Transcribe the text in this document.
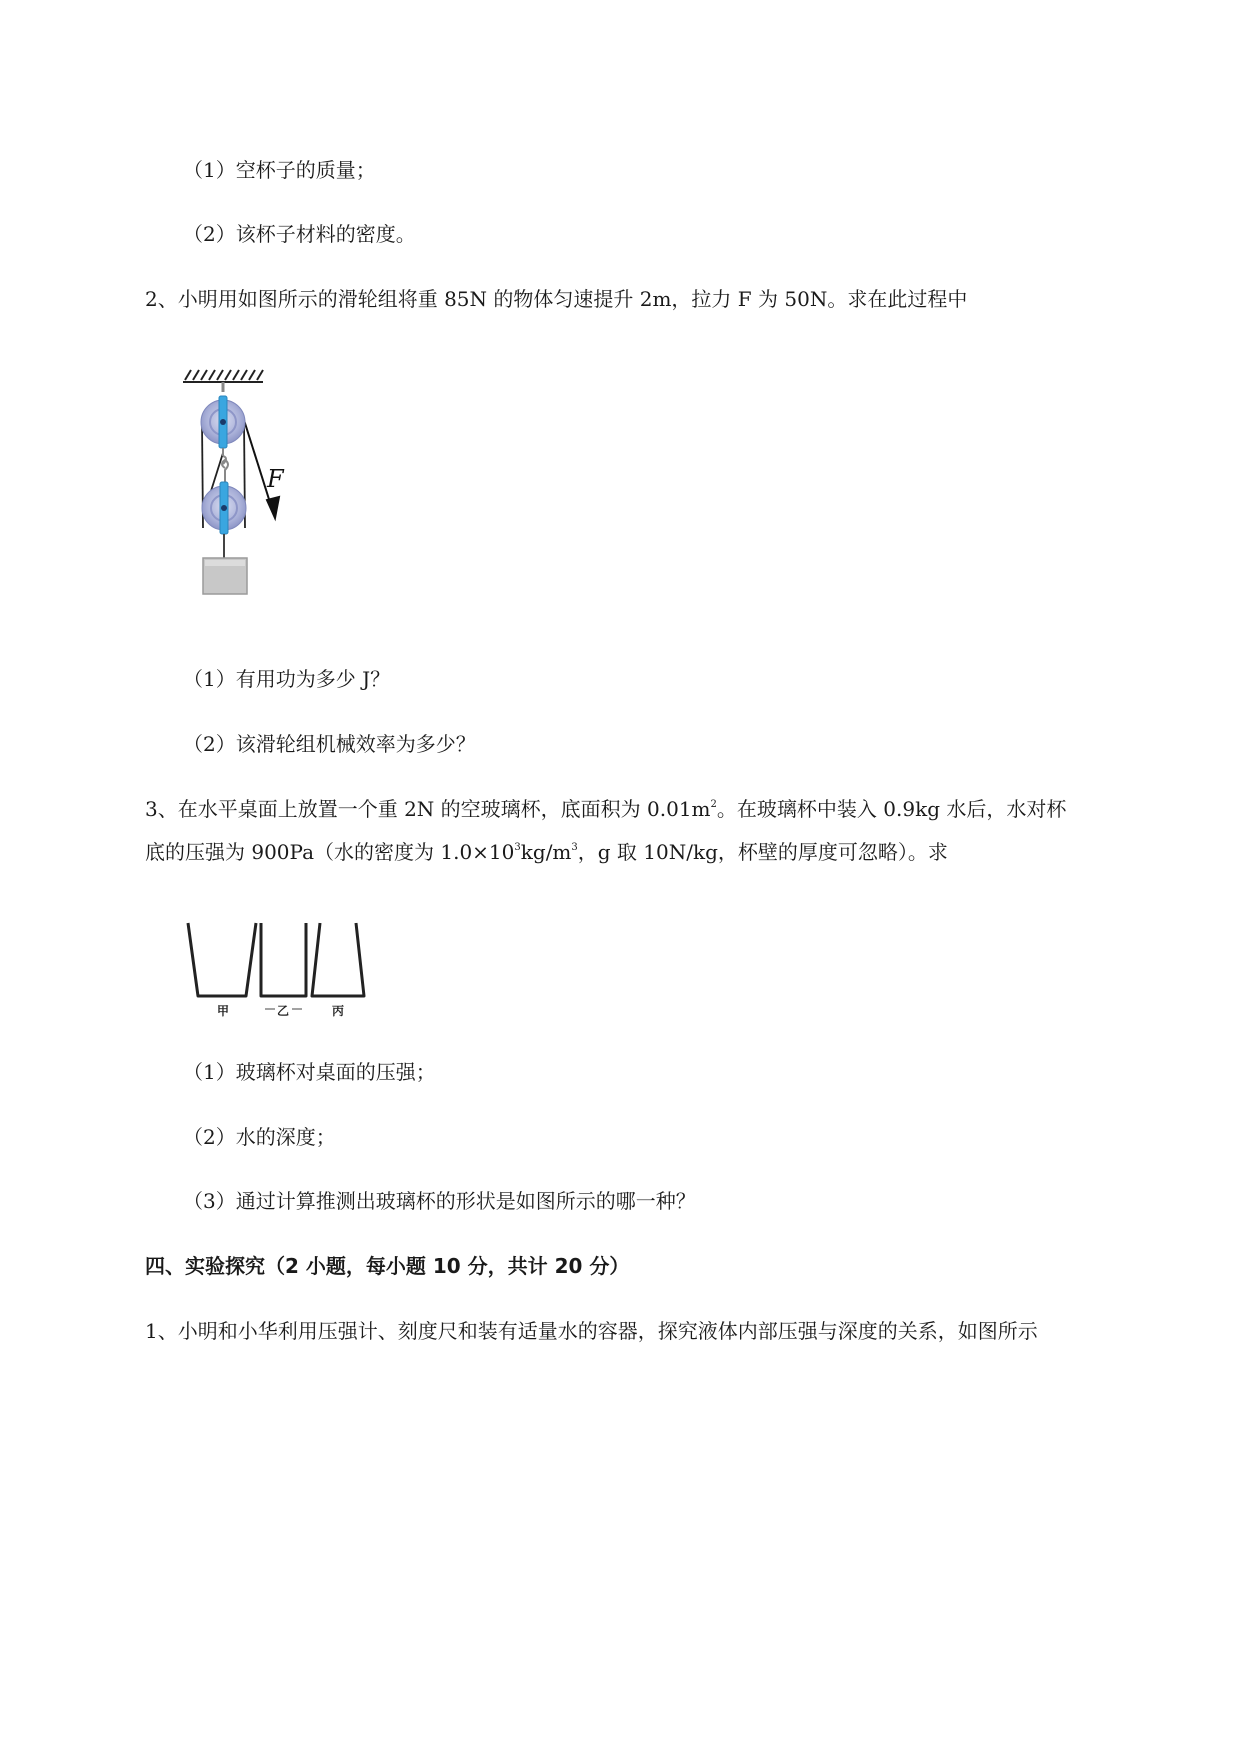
（1）空杯子的质量；
（2）该杯子材料的密度。
2、小明用如图所示的滑轮组将重 85N 的物体匀速提升 2m，拉力 F 为 50N。求在此过程中
F
（1）有用功为多少 J？
（2）该滑轮组机械效率为多少？
3、在水平桌面上放置一个重 2N 的空玻璃杯，底面积为 $0.01m^2$。在玻璃杯中装入 0.9kg 水后，水对杯
底的压强为 900Pa（水的密度为 $1.0\times 10^3kg/m^3$，g 取 10N/kg，杯壁的厚度可忽略）。求
甲	乙	丙
（1）玻璃杯对桌面的压强；
（2）水的深度；
（3）通过计算推测出玻璃杯的形状是如图所示的哪一种？
四、实验探究（2 小题，每小题 10 分，共计 20 分）
1、小明和小华利用压强计、刻度尺和装有适量水的容器，探究液体内部压强与深度的关系，如图所示
